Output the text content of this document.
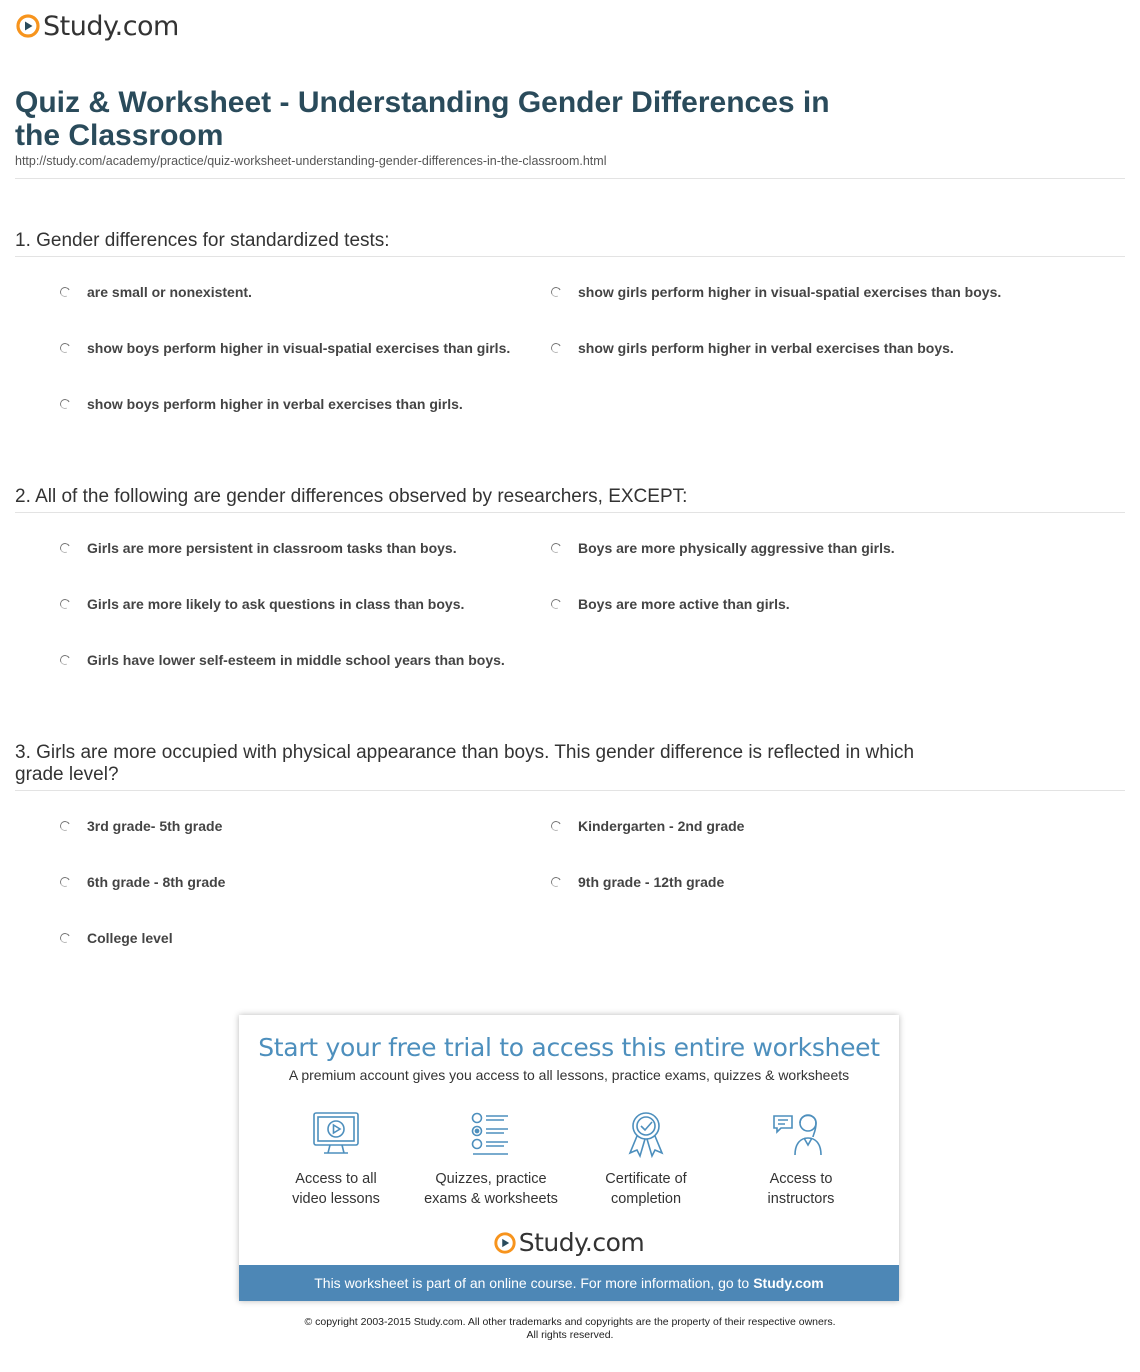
Study.com
Quiz & Worksheet - Understanding Gender Differences in the Classroom
http://study.com/academy/practice/quiz-worksheet-understanding-gender-differences-in-the-classroom.html
1. Gender differences for standardized tests:
are small or nonexistent.	show girls perform higher in visual-spatial exercises than boys.
show boys perform higher in visual-spatial exercises than girls.	show girls perform higher in verbal exercises than boys.
show boys perform higher in verbal exercises than girls.
2. All of the following are gender differences observed by researchers, EXCEPT:
Girls are more persistent in classroom tasks than boys.	Boys are more physically aggressive than girls.
Girls are more likely to ask questions in class than boys.	Boys are more active than girls.
Girls have lower self-esteem in middle school years than boys.
3. Girls are more occupied with physical appearance than boys. This gender difference is reflected in which grade level?
3rd grade- 5th grade	Kindergarten - 2nd grade
6th grade - 8th grade	9th grade - 12th grade
College level
Start your free trial to access this entire worksheet
A premium account gives you access to all lessons, practice exams, quizzes & worksheets
Access to all
video lessons
Quizzes, practice
exams & worksheets
Certificate of
completion
Access to
instructors
Study.com
This worksheet is part of an online course. For more information, go to Study.com
© copyright 2003-2015 Study.com. All other trademarks and copyrights are the property of their respective owners.
All rights reserved.
